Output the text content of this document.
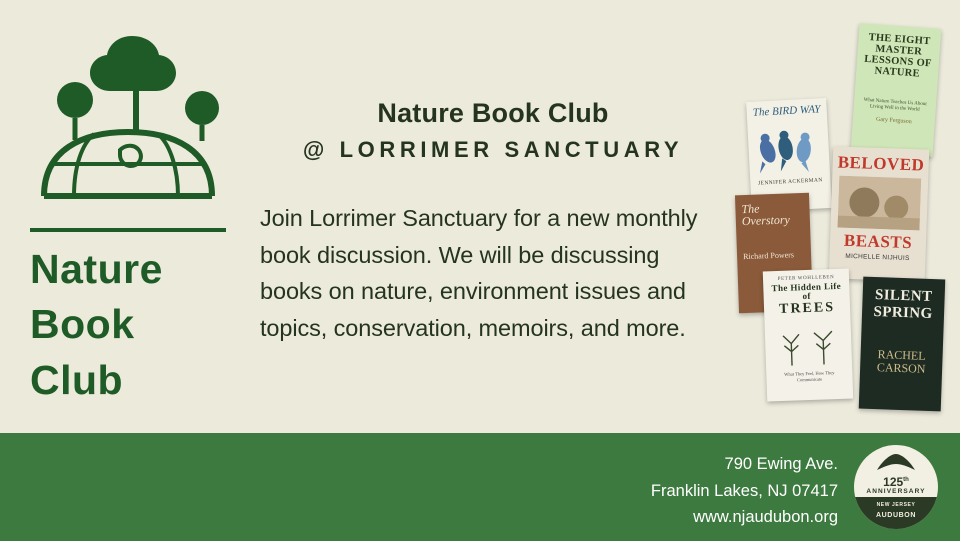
Nature
Book
Club
Nature Book Club
@ LORRIMER SANCTUARY
Join Lorrimer Sanctuary for a new monthly book discussion. We will be discussing books on nature, environment issues and topics, conservation, memoirs, and more.
THE EIGHT MASTER LESSONS OF NATURE
What Nature Teaches Us About Living Well in the World
Gary Ferguson
The BIRD WAY
JENNIFER ACKERMAN
BELOVED
BEASTS
MICHELLE NIJHUIS
The Overstory
Richard Powers
PETER WOHLLEBEN
The Hidden Life of
TREES
What They Feel, How They Communicate
SILENT
SPRING
RACHEL
CARSON
790 Ewing Ave.
Franklin Lakes, NJ 07417
www.njaudubon.org
125th
ANNIVERSARY
NEW JERSEY
AUDUBON
